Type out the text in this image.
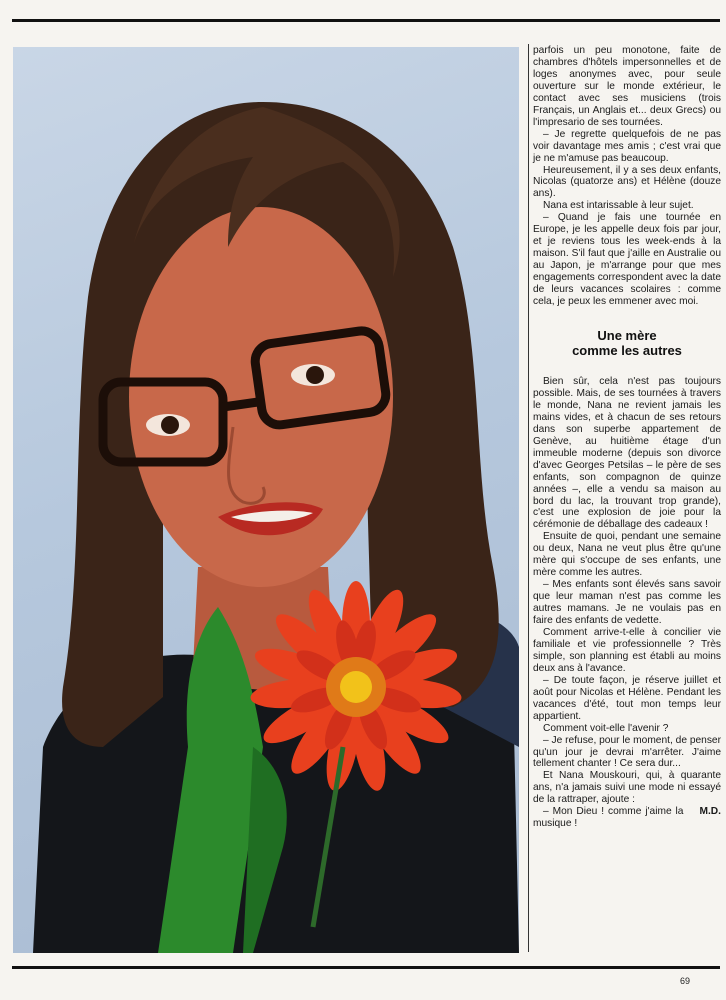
parfois un peu monotone, faite de chambres d'hôtels impersonnelles et de loges anonymes avec, pour seule ouverture sur le monde extérieur, le contact avec ses musiciens (trois Français, un Anglais et... deux Grecs) ou l'impresario de ses tournées.

– Je regrette quelquefois de ne pas voir davantage mes amis ; c'est vrai que je ne m'amuse pas beaucoup.

Heureusement, il y a ses deux enfants, Nicolas (quatorze ans) et Hélène (douze ans).

Nana est intarissable à leur sujet.

– Quand je fais une tournée en Europe, je les appelle deux fois par jour, et je reviens tous les week-ends à la maison. S'il faut que j'aille en Australie ou au Japon, je m'arrange pour que mes engagements correspondent avec la date de leurs vacances scolaires : comme cela, je peux les emmener avec moi.

Une mère
comme les autres

Bien sûr, cela n'est pas toujours possible. Mais, de ses tournées à travers le monde, Nana ne revient jamais les mains vides, et à chacun de ses retours dans son superbe appartement de Genève, au huitième étage d'un immeuble moderne (depuis son divorce d'avec Georges Petsilas – le père de ses enfants, son compagnon de quinze années –, elle a vendu sa maison au bord du lac, la trouvant trop grande), c'est une explosion de joie pour la cérémonie de déballage des cadeaux !

Ensuite de quoi, pendant une semaine ou deux, Nana ne veut plus être qu'une mère qui s'occupe de ses enfants, une mère comme les autres.

– Mes enfants sont élevés sans savoir que leur maman n'est pas comme les autres mamans. Je ne voulais pas en faire des enfants de vedette.

Comment arrive-t-elle à concilier vie familiale et vie professionnelle ? Très simple, son planning est établi au moins deux ans à l'avance.

– De toute façon, je réserve juillet et août pour Nicolas et Hélène. Pendant les vacances d'été, tout mon temps leur appartient.

Comment voit-elle l'avenir ?

– Je refuse, pour le moment, de penser qu'un jour je devrai m'arrêter. J'aime tellement chanter ! Ce sera dur...

Et Nana Mouskouri, qui, à quarante ans, n'a jamais suivi une mode ni essayé de la rattraper, ajoute :

M.D.
– Mon Dieu ! comme j'aime la musique !

69
